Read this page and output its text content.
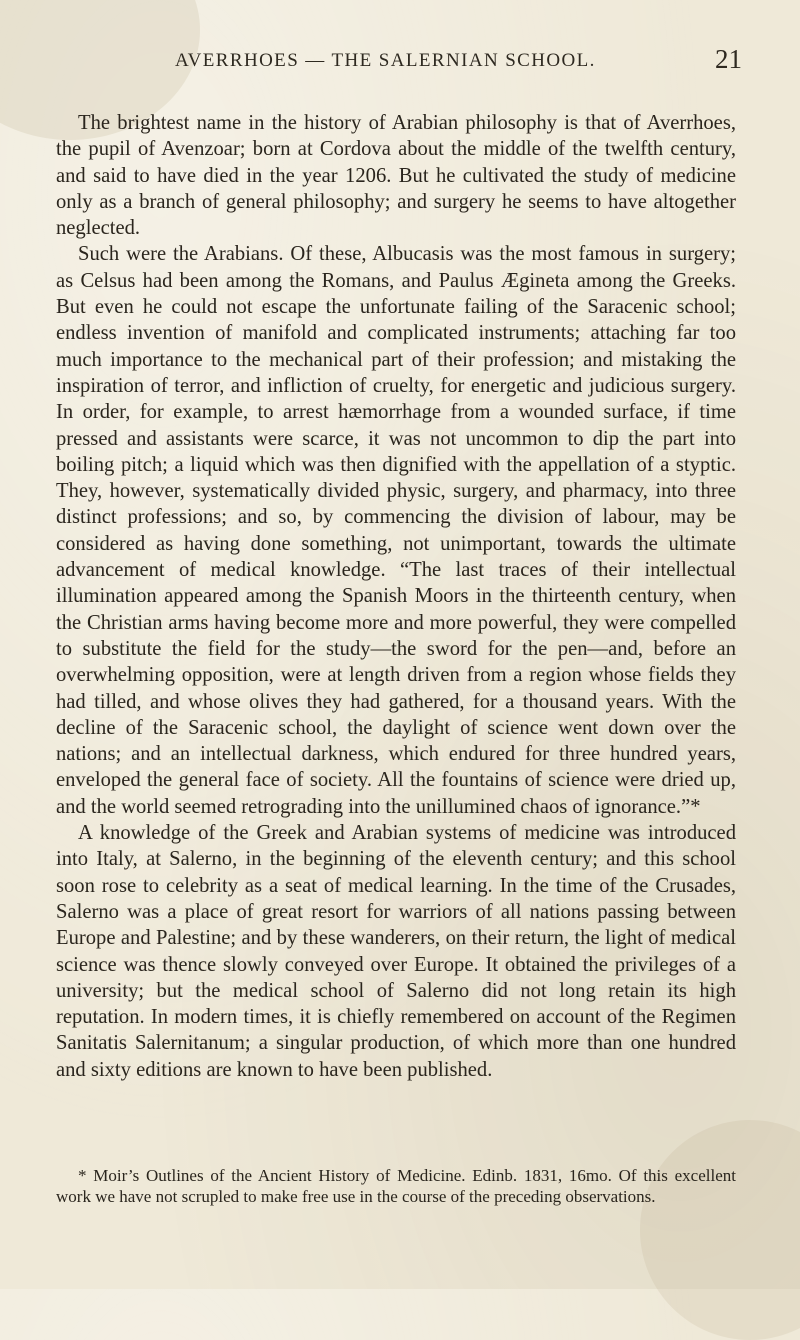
AVERRHOES — THE SALERNIAN SCHOOL.	21

The brightest name in the history of Arabian philosophy is that of Averrhoes, the pupil of Avenzoar; born at Cordova about the middle of the twelfth century, and said to have died in the year 1206. But he cultivated the study of medicine only as a branch of general philosophy; and surgery he seems to have altogether neglected.

Such were the Arabians. Of these, Albucasis was the most famous in surgery; as Celsus had been among the Romans, and Paulus Ægineta among the Greeks. But even he could not escape the unfortunate failing of the Saracenic school; endless invention of manifold and complicated instruments; attaching far too much importance to the mechanical part of their profession; and mistaking the inspiration of terror, and infliction of cruelty, for energetic and judicious surgery. In order, for example, to arrest hæmorrhage from a wounded surface, if time pressed and assistants were scarce, it was not uncommon to dip the part into boiling pitch; a liquid which was then dignified with the appellation of a styptic. They, however, systematically divided physic, surgery, and pharmacy, into three distinct professions; and so, by commencing the division of labour, may be considered as having done something, not unimportant, towards the ultimate advancement of medical knowledge. “The last traces of their intellectual illumination appeared among the Spanish Moors in the thirteenth century, when the Christian arms having become more and more powerful, they were compelled to substitute the field for the study—the sword for the pen—and, before an overwhelming opposition, were at length driven from a region whose fields they had tilled, and whose olives they had gathered, for a thousand years. With the decline of the Saracenic school, the daylight of science went down over the nations; and an intellectual darkness, which endured for three hundred years, enveloped the general face of society. All the fountains of science were dried up, and the world seemed retrograding into the unillumined chaos of ignorance.”*

A knowledge of the Greek and Arabian systems of medicine was introduced into Italy, at Salerno, in the beginning of the eleventh century; and this school soon rose to celebrity as a seat of medical learning. In the time of the Crusades, Salerno was a place of great resort for warriors of all nations passing between Europe and Palestine; and by these wanderers, on their return, the light of medical science was thence slowly conveyed over Europe. It obtained the privileges of a university; but the medical school of Salerno did not long retain its high reputation. In modern times, it is chiefly remembered on account of the Regimen Sanitatis Salernitanum; a singular production, of which more than one hundred and sixty editions are known to have been published.

* Moir’s Outlines of the Ancient History of Medicine. Edinb. 1831, 16mo. Of this excellent work we have not scrupled to make free use in the course of the preceding observations.
